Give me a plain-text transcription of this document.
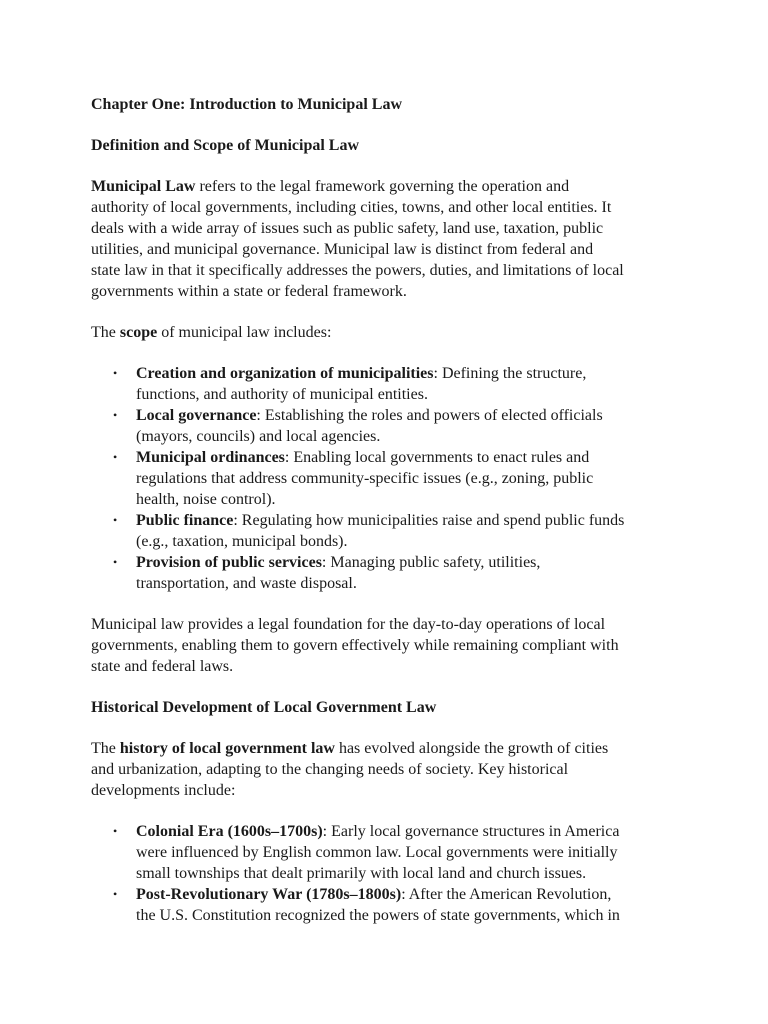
Chapter One: Introduction to Municipal Law
Definition and Scope of Municipal Law

Municipal Law refers to the legal framework governing the operation and
authority of local governments, including cities, towns, and other local entities. It
deals with a wide array of issues such as public safety, land use, taxation, public
utilities, and municipal governance. Municipal law is distinct from federal and
state law in that it specifically addresses the powers, duties, and limitations of local
governments within a state or federal framework.

The scope of municipal law includes:

• Creation and organization of municipalities: Defining the structure,
functions, and authority of municipal entities.
• Local governance: Establishing the roles and powers of elected officials
(mayors, councils) and local agencies.
• Municipal ordinances: Enabling local governments to enact rules and
regulations that address community-specific issues (e.g., zoning, public
health, noise control).
• Public finance: Regulating how municipalities raise and spend public funds
(e.g., taxation, municipal bonds).
• Provision of public services: Managing public safety, utilities,
transportation, and waste disposal.

Municipal law provides a legal foundation for the day-to-day operations of local
governments, enabling them to govern effectively while remaining compliant with
state and federal laws.

Historical Development of Local Government Law

The history of local government law has evolved alongside the growth of cities
and urbanization, adapting to the changing needs of society. Key historical
developments include:

• Colonial Era (1600s–1700s): Early local governance structures in America
were influenced by English common law. Local governments were initially
small townships that dealt primarily with local land and church issues.
• Post-Revolutionary War (1780s–1800s): After the American Revolution,
the U.S. Constitution recognized the powers of state governments, which in
